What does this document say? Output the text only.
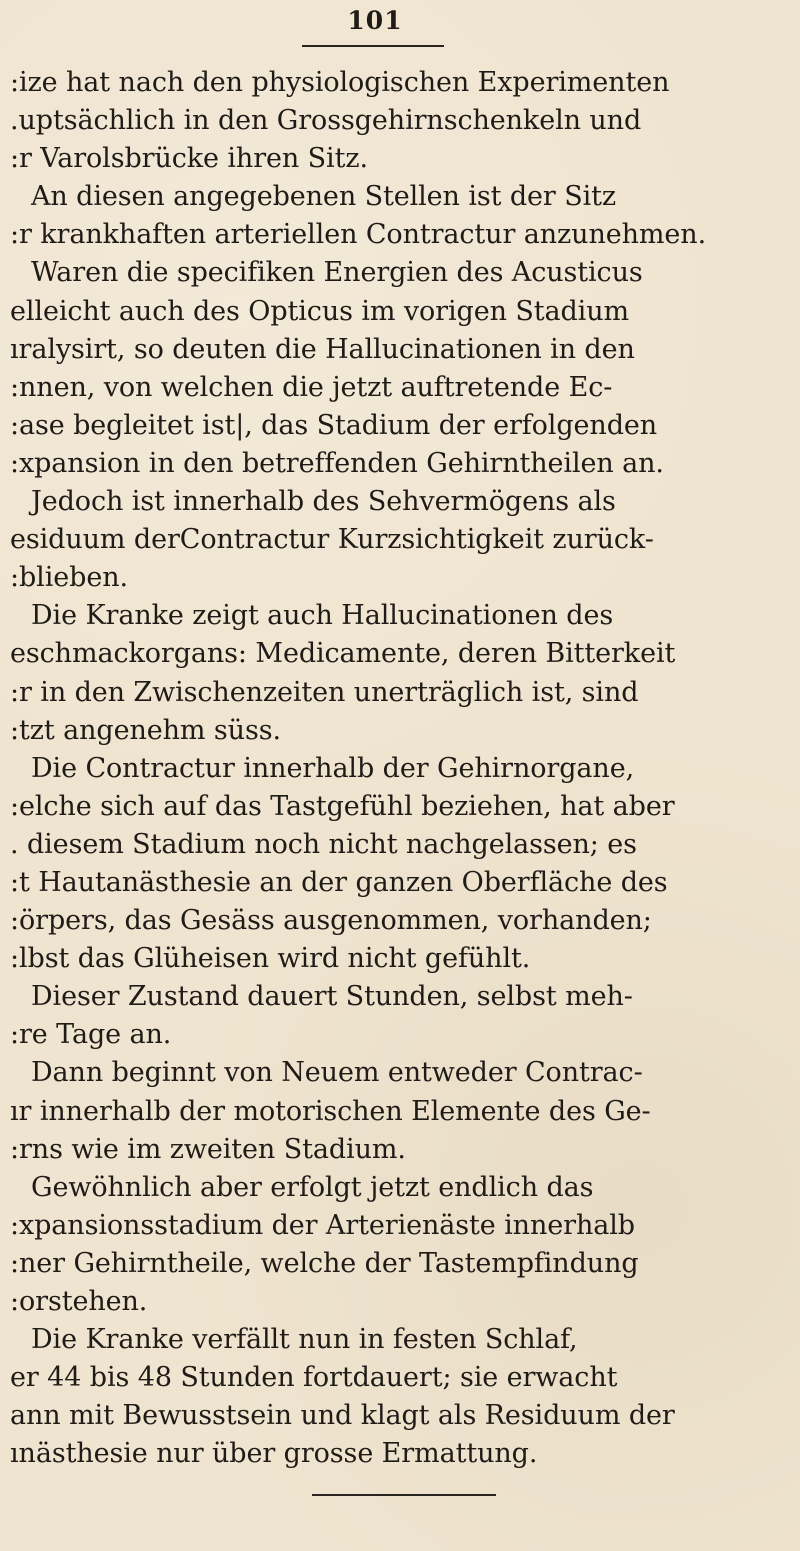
101
:ize hat nach den physiologischen Experimenten
.uptsächlich in den Grossgehirnschenkeln und
:r Varolsbrücke ihren Sitz.
An diesen angegebenen Stellen ist der Sitz
:r krankhaften arteriellen Contractur anzunehmen.
Waren die specifiken Energien des Acusticus
elleicht auch des Opticus im vorigen Stadium
ıralysirt, so deuten die Hallucinationen in den
:nnen, von welchen die jetzt auftretende Ec-
:ase begleitet ist|, das Stadium der erfolgenden
:xpansion in den betreffenden Gehirntheilen an.
Jedoch ist innerhalb des Sehvermögens als
esiduum derContractur Kurzsichtigkeit zurück-
:blieben.
Die Kranke zeigt auch Hallucinationen des
eschmackorgans: Medicamente, deren Bitterkeit
:r in den Zwischenzeiten unerträglich ist, sind
:tzt angenehm süss.
Die Contractur innerhalb der Gehirnorgane,
:elche sich auf das Tastgefühl beziehen, hat aber
. diesem Stadium noch nicht nachgelassen; es
:t Hautanästhesie an der ganzen Oberfläche des
:örpers, das Gesäss ausgenommen, vorhanden;
:lbst das Glüheisen wird nicht gefühlt.
Dieser Zustand dauert Stunden, selbst meh-
:re Tage an.
Dann beginnt von Neuem entweder Contrac-
ır innerhalb der motorischen Elemente des Ge-
:rns wie im zweiten Stadium.
Gewöhnlich aber erfolgt jetzt endlich das
:xpansionsstadium der Arterienäste innerhalb
:ner Gehirntheile, welche der Tastempfindung
:orstehen.
Die Kranke verfällt nun in festen Schlaf,
er 44 bis 48 Stunden fortdauert; sie erwacht
ann mit Bewusstsein und klagt als Residuum der
ınästhesie nur über grosse Ermattung.
